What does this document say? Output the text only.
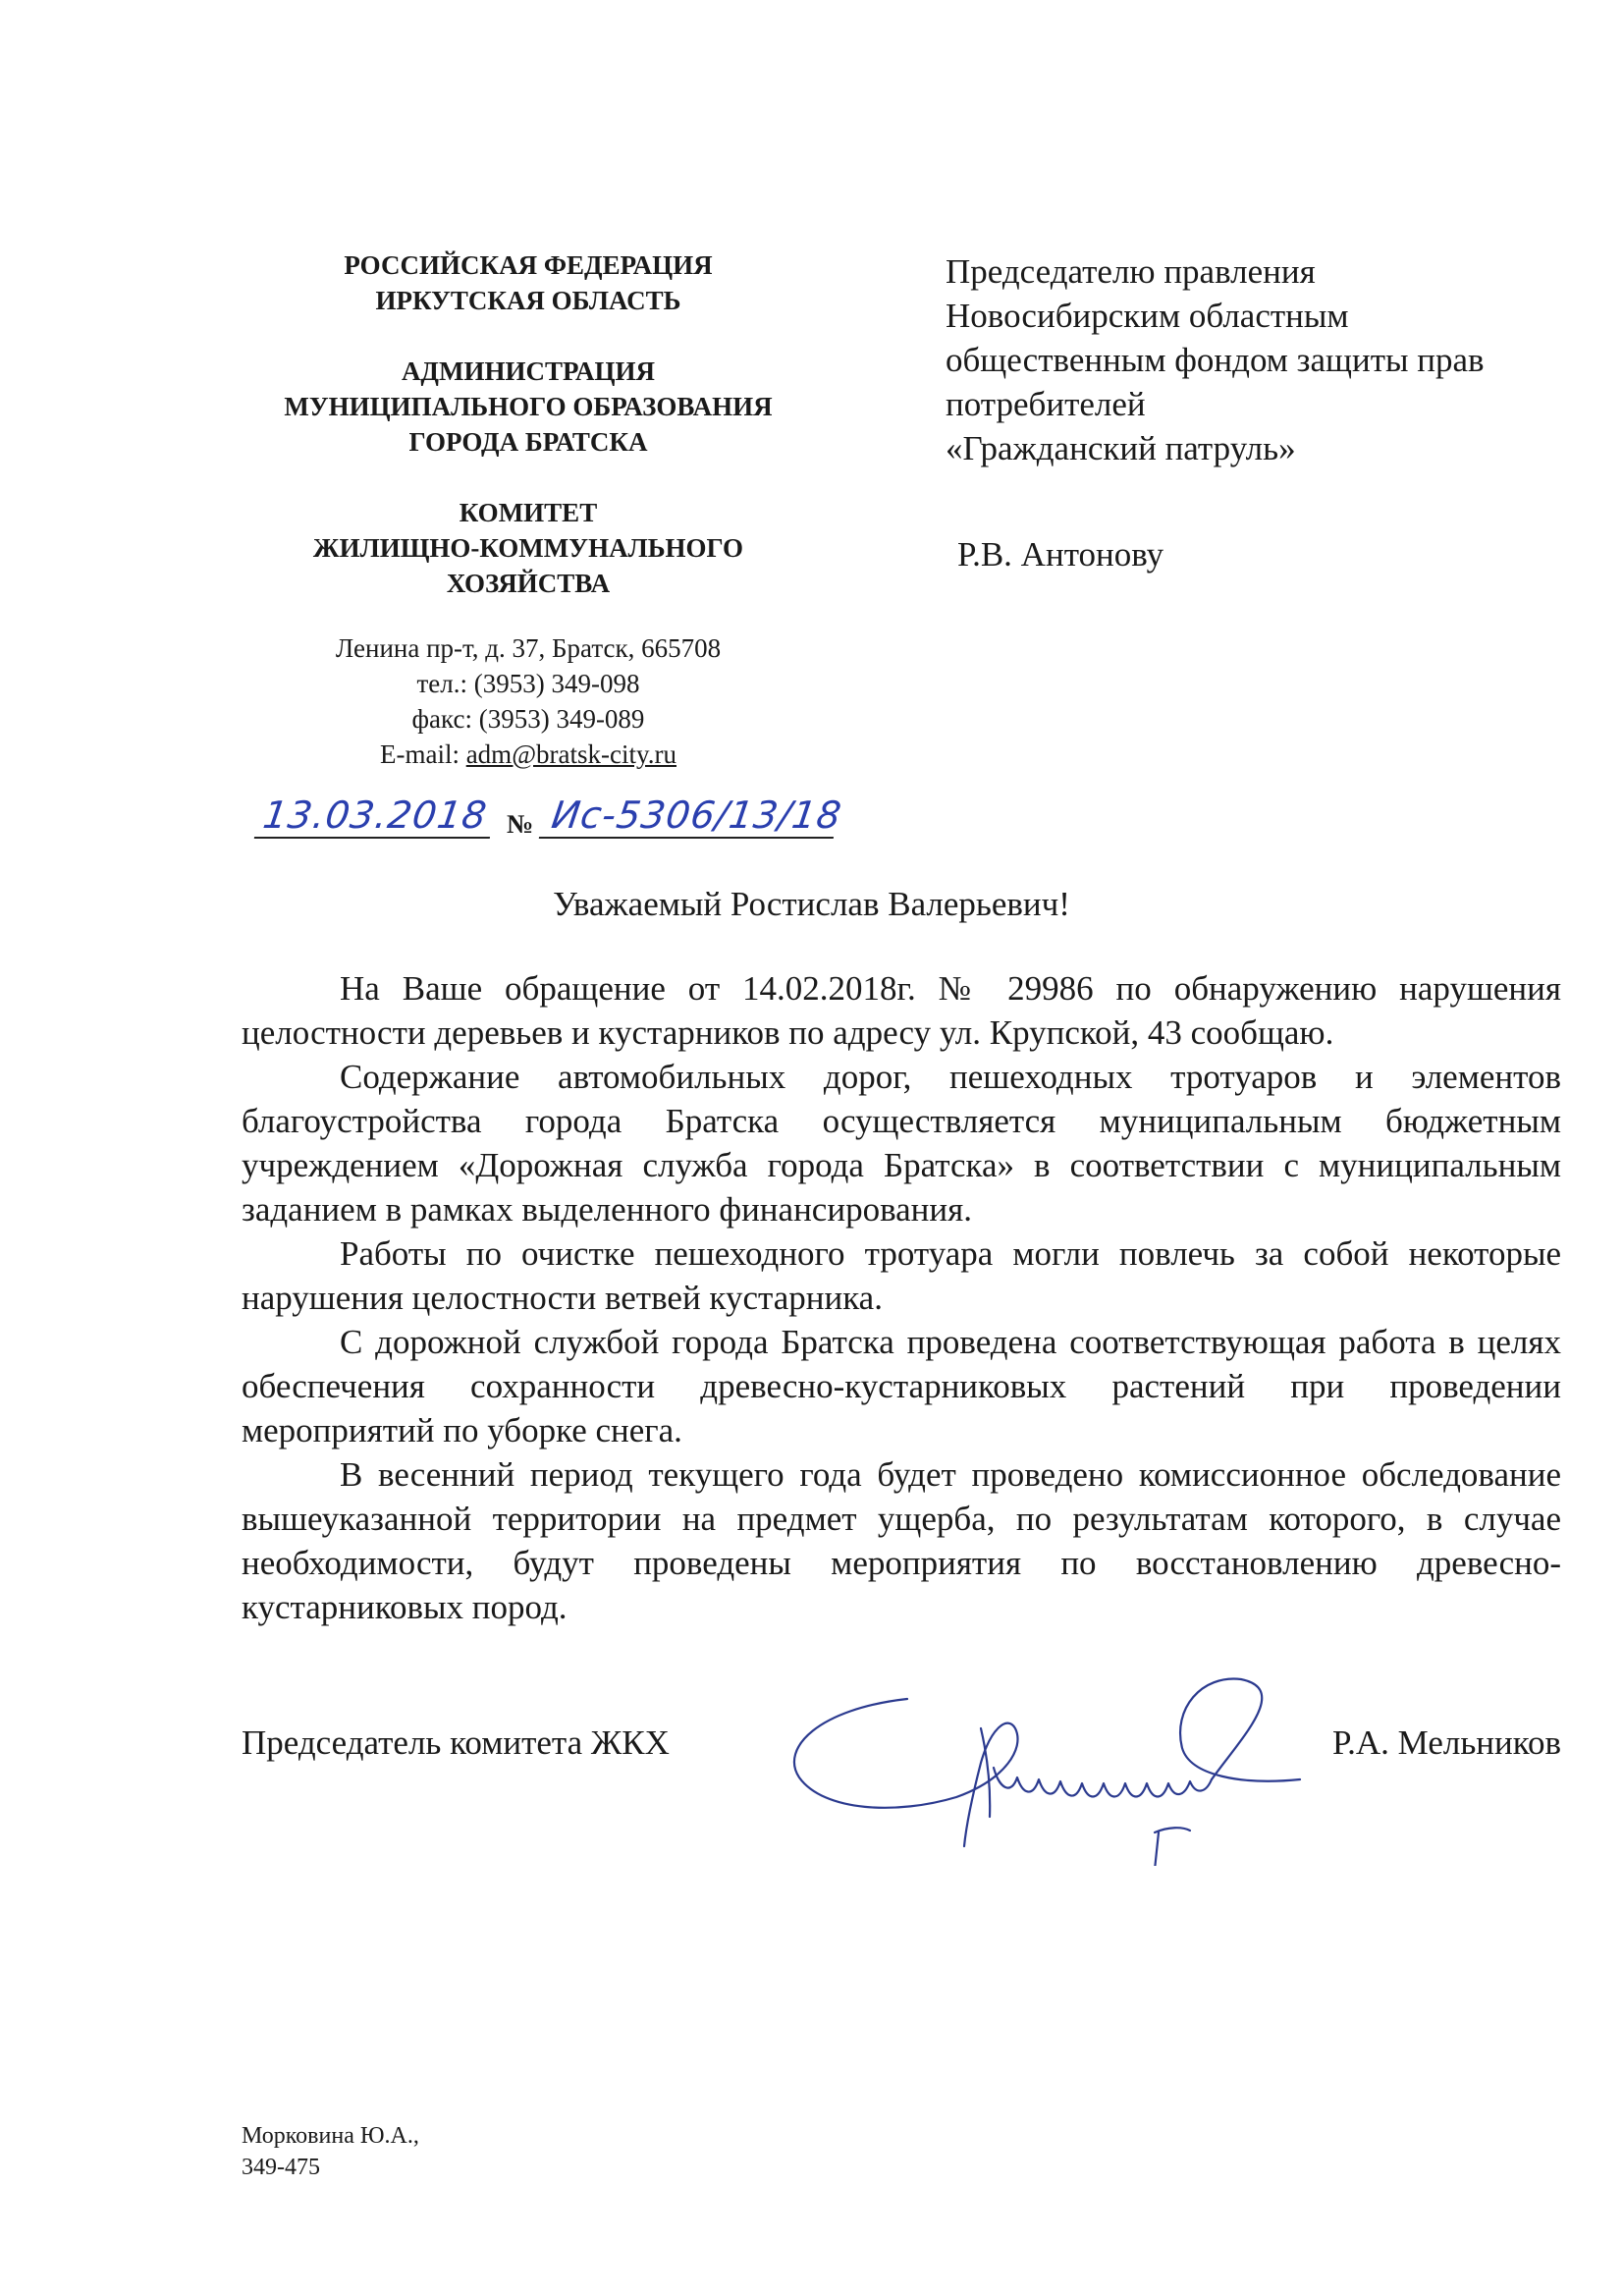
РОССИЙСКАЯ ФЕДЕРАЦИЯ
ИРКУТСКАЯ ОБЛАСТЬ
АДМИНИСТРАЦИЯ
МУНИЦИПАЛЬНОГО ОБРАЗОВАНИЯ
ГОРОДА БРАТСКА
КОМИТЕТ
ЖИЛИЩНО-КОММУНАЛЬНОГО
ХОЗЯЙСТВА
Ленина пр-т, д. 37, Братск, 665708
тел.: (3953) 349-098
факс: (3953) 349-089
E-mail: adm@bratsk-city.ru
Председателю правления
Новосибирским областным
общественным фондом защиты прав
потребителей
«Гражданский патруль»
Р.В. Антонову
13.03.2018 № Ис-5306/13/18
Уважаемый Ростислав Валерьевич!

На Ваше обращение от 14.02.2018г. № 29986 по обнаружению нарушения целостности деревьев и кустарников по адресу ул. Крупской, 43 сообщаю.

Содержание автомобильных дорог, пешеходных тротуаров и элементов благоустройства города Братска осуществляется муниципальным бюджетным учреждением «Дорожная служба города Братска» в соответствии с муниципальным заданием в рамках выделенного финансирования.

Работы по очистке пешеходного тротуара могли повлечь за собой некоторые нарушения целостности ветвей кустарника.

С дорожной службой города Братска проведена соответствующая работа в целях обеспечения сохранности древесно-кустарниковых растений при проведении мероприятий по уборке снега.

В весенний период текущего года будет проведено комиссионное обследование вышеуказанной территории на предмет ущерба, по результатам которого, в случае необходимости, будут проведены мероприятия по восстановлению древесно-кустарниковых пород.

Председатель комитета ЖКХ	Р.А. Мельников
Морковина Ю.А.,
349-475
